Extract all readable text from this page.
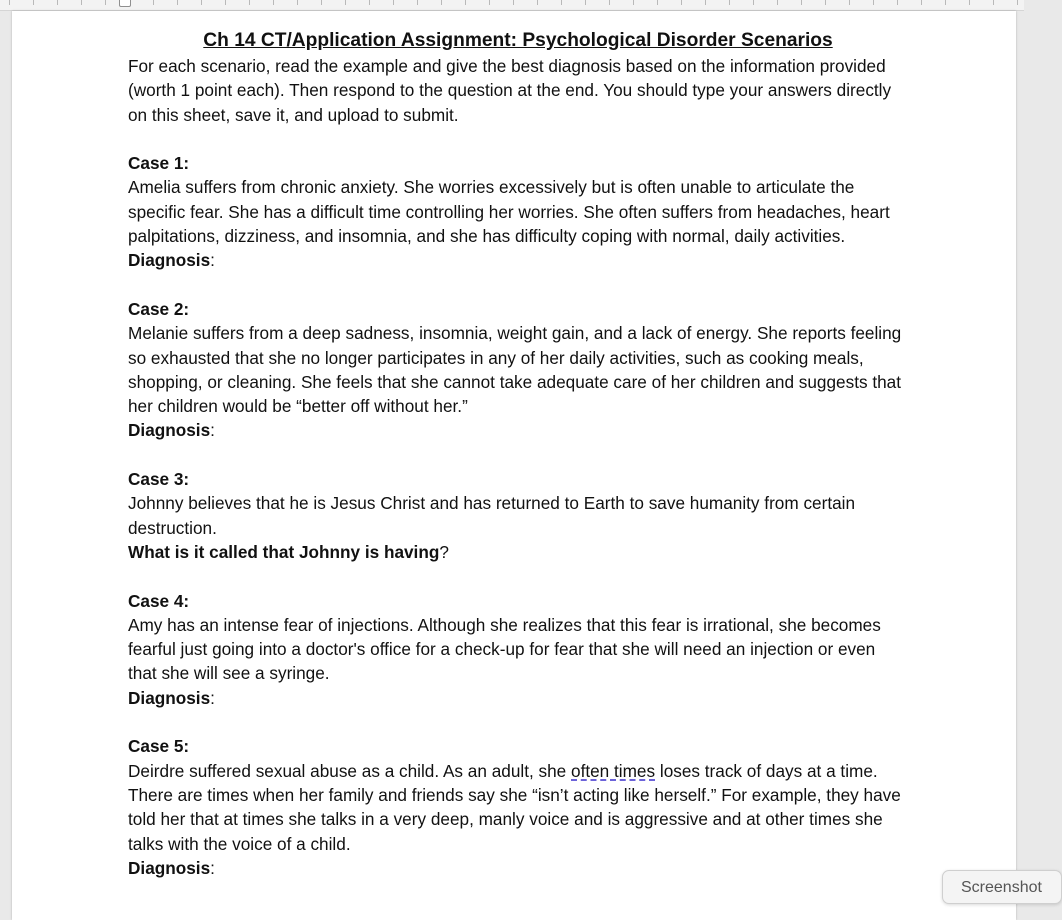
Ch 14 CT/Application Assignment: Psychological Disorder Scenarios

For each scenario, read the example and give the best diagnosis based on the information provided (worth 1 point each). Then respond to the question at the end. You should type your answers directly on this sheet, save it, and upload to submit.

Case 1:

Amelia suffers from chronic anxiety. She worries excessively but is often unable to articulate the specific fear. She has a difficult time controlling her worries. She often suffers from headaches, heart palpitations, dizziness, and insomnia, and she has difficulty coping with normal, daily activities.

Diagnosis:

Case 2:

Melanie suffers from a deep sadness, insomnia, weight gain, and a lack of energy. She reports feeling so exhausted that she no longer participates in any of her daily activities, such as cooking meals, shopping, or cleaning. She feels that she cannot take adequate care of her children and suggests that her children would be “better off without her.”

Diagnosis:

Case 3:

Johnny believes that he is Jesus Christ and has returned to Earth to save humanity from certain destruction.

What is it called that Johnny is having?

Case 4:

Amy has an intense fear of injections. Although she realizes that this fear is irrational, she becomes fearful just going into a doctor's office for a check-up for fear that she will need an injection or even that she will see a syringe.

Diagnosis:

Case 5:

Deirdre suffered sexual abuse as a child. As an adult, she often times loses track of days at a time. There are times when her family and friends say she “isn’t acting like herself.” For example, they have told her that at times she talks in a very deep, manly voice and is aggressive and at other times she talks with the voice of a child.

Diagnosis:

Screenshot
